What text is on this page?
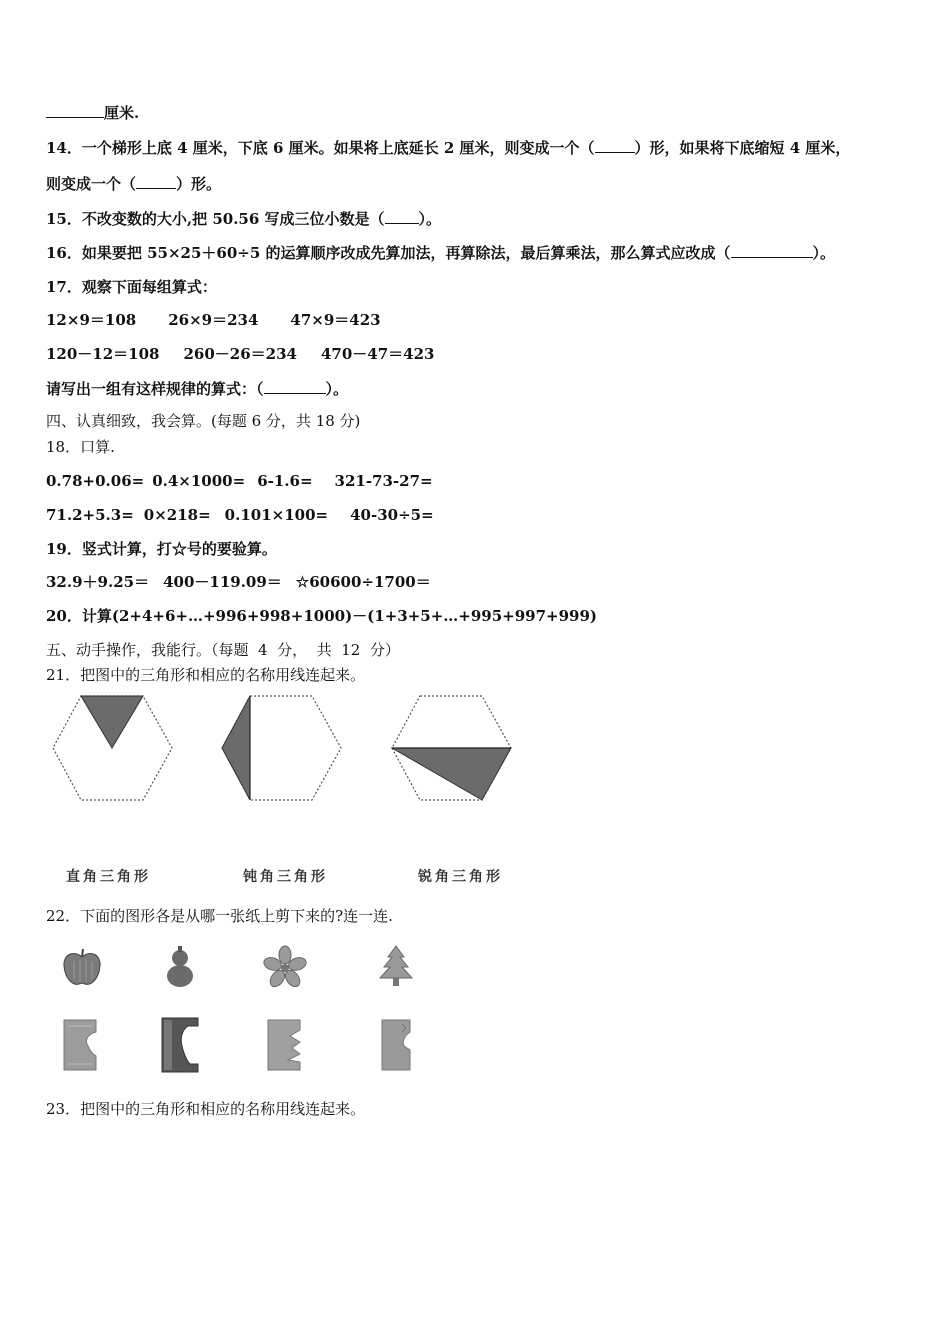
厘米.

14．一个梯形上底 4 厘米，下底 6 厘米。如果将上底延长 2 厘米，则变成一个（	）形，如果将下底缩短 4 厘米，

则变成一个（	）形。

15．不改变数的大小,把 50.56 写成三位小数是（ ）。

16．如果要把 55×25＋60÷5 的运算顺序改成先算加法，再算除法，最后算乘法，那么算式应改成（	）。

17．观察下面每组算式：

12×9＝108 26×9＝234 47×9＝423

120－12＝108 260－26＝234 470－47＝423

请写出一组有这样规律的算式：（	）。

四、认真细致，我会算。(每题 6 分，共 18 分)

18．口算.

0.78+0.06= 0.4×1000= 6-1.6= 321-73-27=

71.2+5.3= 0×218= 0.101×100= 40-30÷5=

19．竖式计算，打☆号的要验算。

32.9＋9.25＝ 400－119.09＝ ☆60600÷1700＝

20．计算(2+4+6+…+996+998+1000)－(1+3+5+…+995+997+999)

五、动手操作，我能行。（每题  4  分，  共  12  分）

21．把图中的三角形和相应的名称用线连起来。

直角三角形	钝角三角形	锐角三角形

22．下面的图形各是从哪一张纸上剪下来的?连一连.

23．把图中的三角形和相应的名称用线连起来。
